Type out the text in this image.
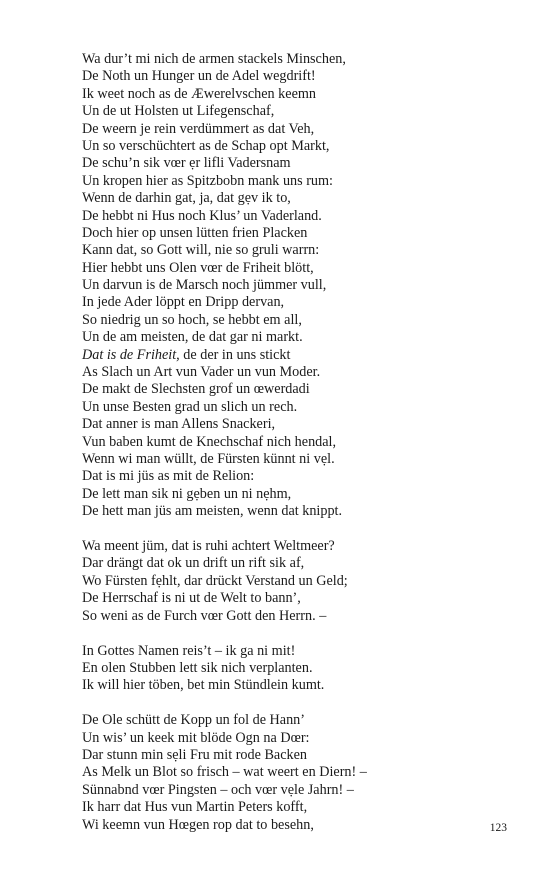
Wa dur’t mi nich de armen stackels Minschen,
De Noth un Hunger un de Adel wegdrift!
Ik weet noch as de Æwerelvschen keemn
Un de ut Holsten ut Lifegenschaf,
De weern je rein verdümmert as dat Veh,
Un so verschüchtert as de Schap opt Markt,
De schu’n sik vœr ẹr lifli Vadersnam
Un kropen hier as Spitzbobn mank uns rum:
Wenn de darhin gat, ja, dat gẹv ik to,
De hebbt ni Hus noch Klus’ un Vaderland.
Doch hier op unsen lütten frien Placken
Kann dat, so Gott will, nie so gruli warrn:
Hier hebbt uns Olen vœr de Friheit blött,
Un darvun is de Marsch noch jümmer vull,
In jede Ader löppt en Dripp dervan,
So niedrig un so hoch, se hebbt em all,
Un de am meisten, de dat gar ni markt.
Dat is de Friheit, de der in uns stickt
As Slach un Art vun Vader un vun Moder.
De makt de Slechsten grof un œwerdadi
Un unse Besten grad un slich un rech.
Dat anner is man Allens Snackeri,
Vun baben kumt de Knechschaf nich hendal,
Wenn wi man wüllt, de Fürsten künnt ni vẹl.
Dat is mi jüs as mit de Relion:
De lett man sik ni gẹben un ni nẹhm,
De hett man jüs am meisten, wenn dat knippt.
Wa meent jüm, dat is ruhi achtert Weltmeer?
Dar drängt dat ok un drift un rift sik af,
Wo Fürsten fẹhlt, dar drückt Verstand un Geld;
De Herrschaf is ni ut de Welt to bann’,
So weni as de Furch vœr Gott den Herrn. –
In Gottes Namen reis’t – ik ga ni mit!
En olen Stubben lett sik nich verplanten.
Ik will hier töben, bet min Stündlein kumt.
De Ole schütt de Kopp un fol de Hann’
Un wis’ un keek mit blöde Ogn na Dœr:
Dar stunn min sẹli Fru mit rode Backen
As Melk un Blot so frisch – wat weert en Diern! –
Sünnabnd vœr Pingsten – och vœr vẹle Jahrn! –
Ik harr dat Hus vun Martin Peters kofft,
Wi keemn vun Hœgen rop dat to besehn,	123
